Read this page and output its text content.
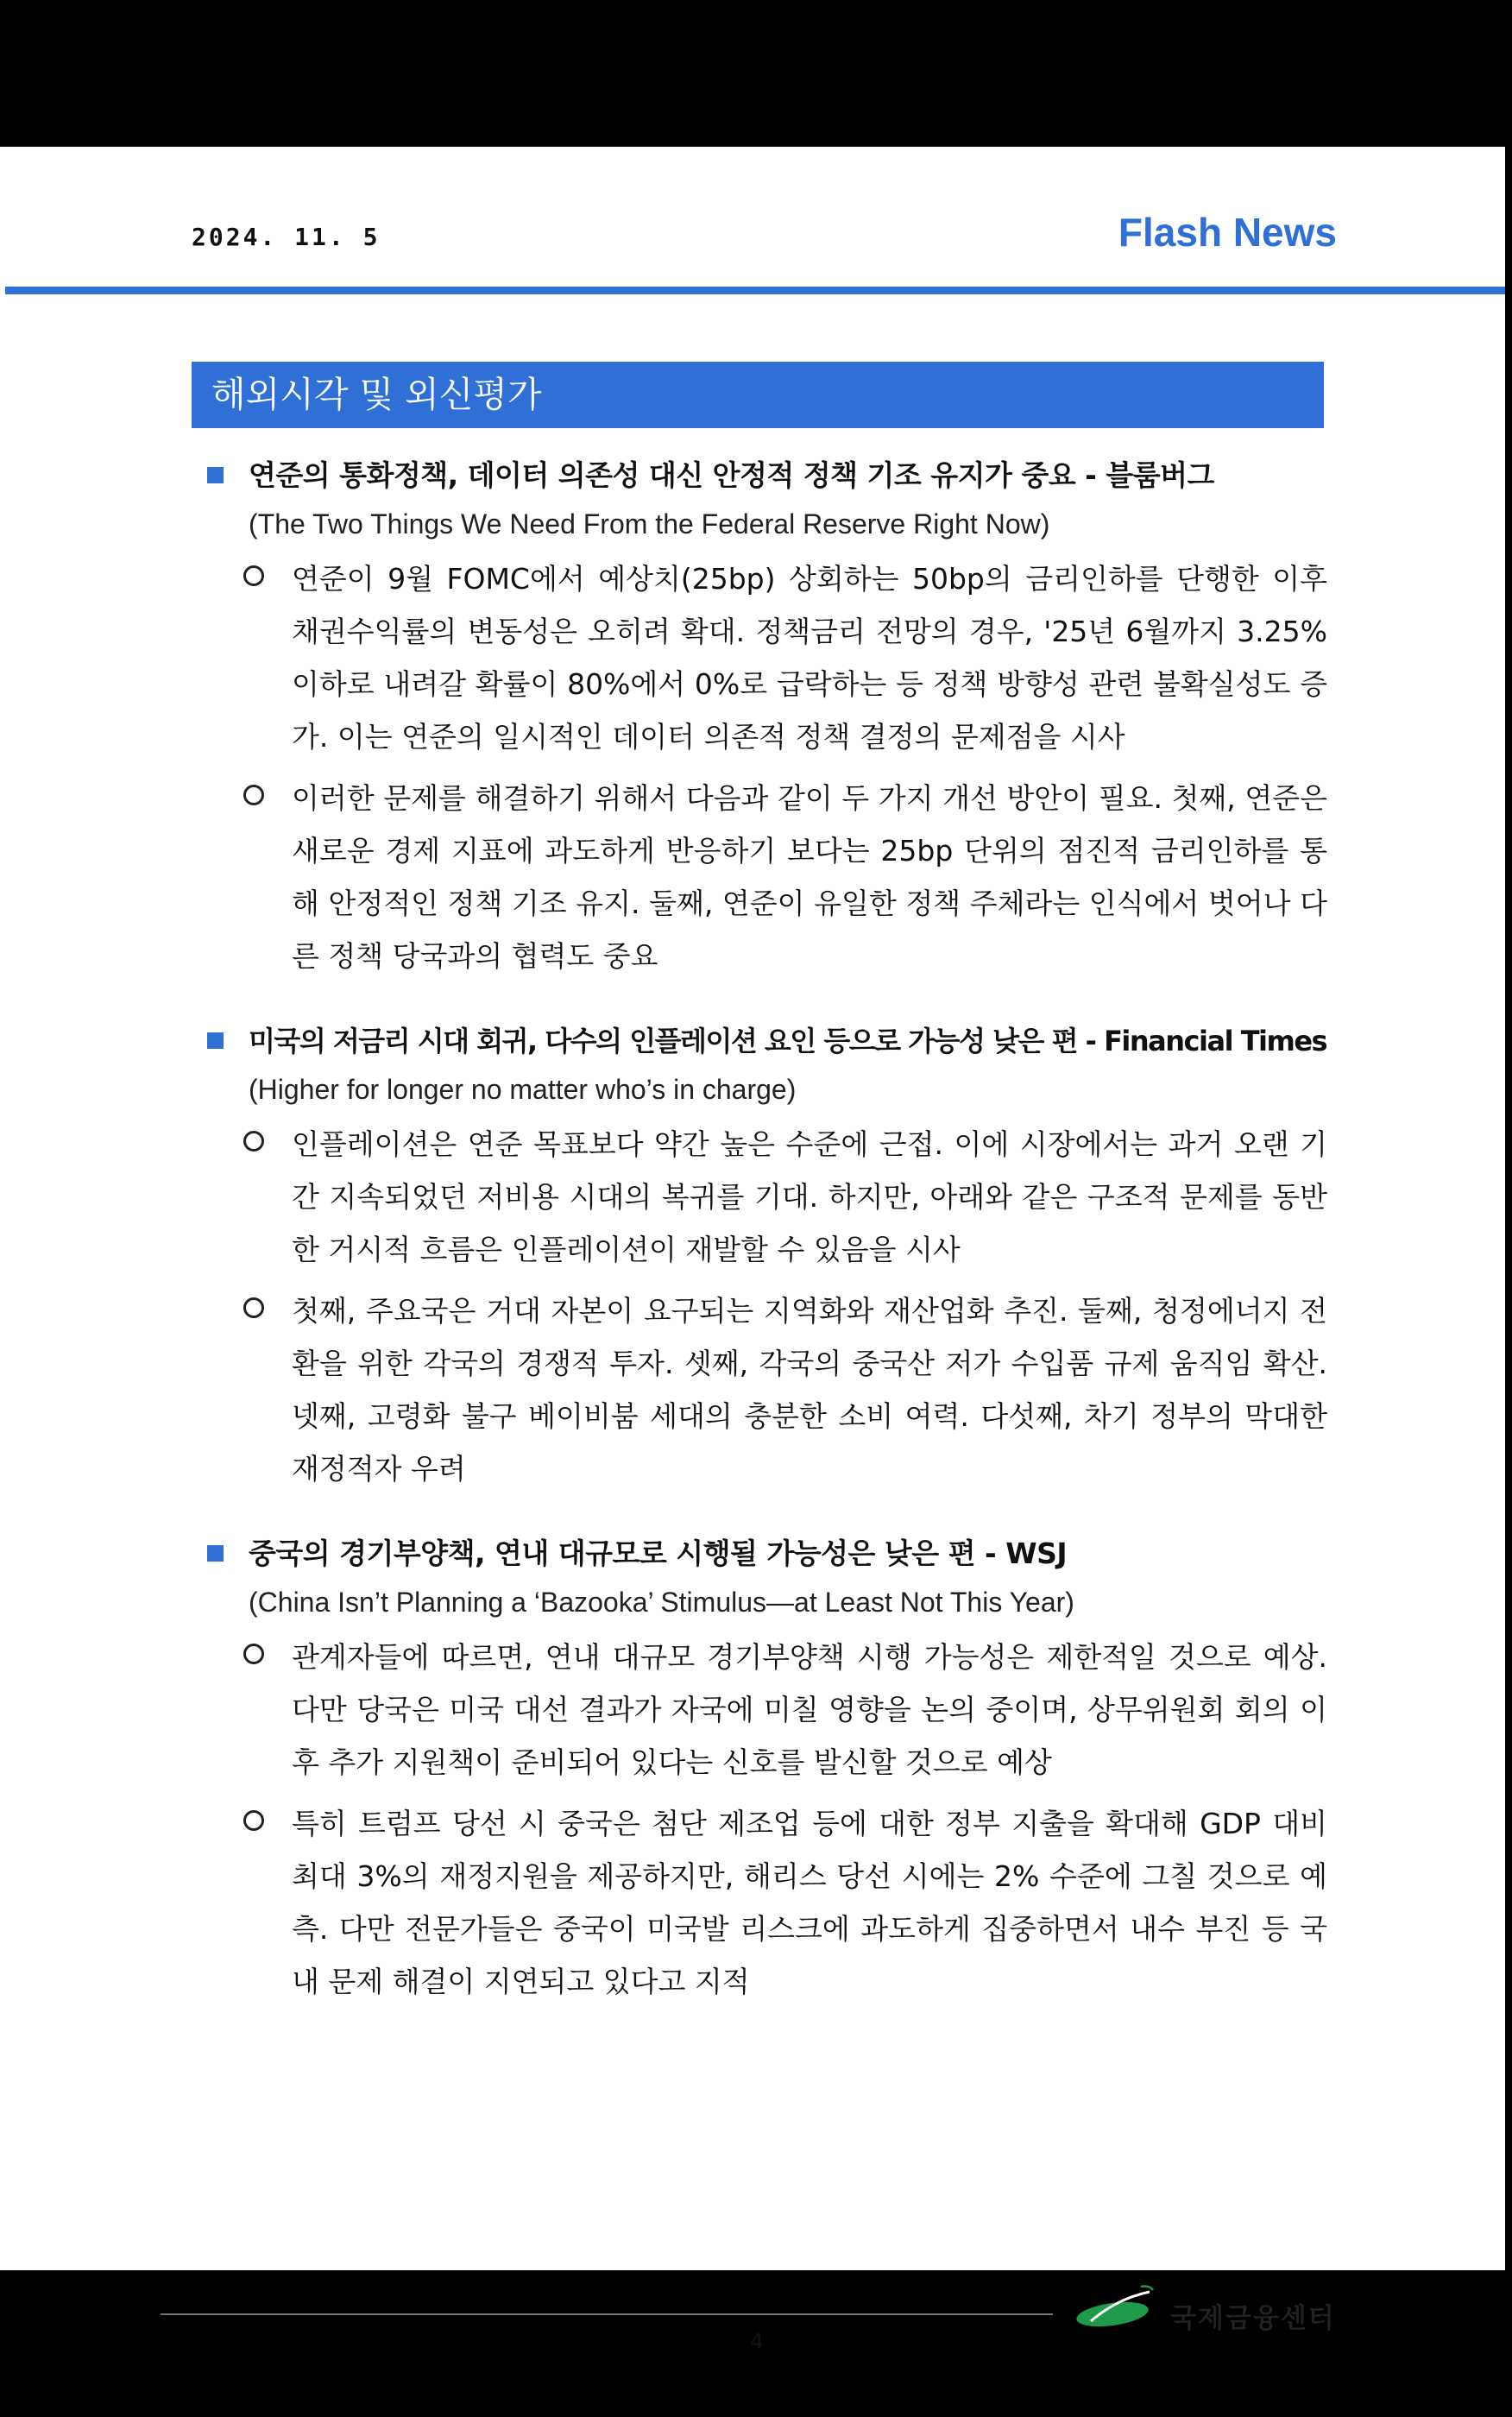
2024. 11. 5	Flash News
해외시각 및 외신평가
연준의 통화정책, 데이터 의존성 대신 안정적 정책 기조 유지가 중요 - 블룸버그
(The Two Things We Need From the Federal Reserve Right Now)
연준이 9월 FOMC에서 예상치(25bp) 상회하는 50bp의 금리인하를 단행한 이후 채권수익률의 변동성은 오히려 확대. 정책금리 전망의 경우, '25년 6월까지 3.25% 이하로 내려갈 확률이 80%에서 0%로 급락하는 등 정책 방향성 관련 불확실성도 증가. 이는 연준의 일시적인 데이터 의존적 정책 결정의 문제점을 시사
이러한 문제를 해결하기 위해서 다음과 같이 두 가지 개선 방안이 필요. 첫째, 연준은 새로운 경제 지표에 과도하게 반응하기 보다는 25bp 단위의 점진적 금리인하를 통해 안정적인 정책 기조 유지. 둘째, 연준이 유일한 정책 주체라는 인식에서 벗어나 다른 정책 당국과의 협력도 중요
미국의 저금리 시대 회귀, 다수의 인플레이션 요인 등으로 가능성 낮은 편 - Financial Times
(Higher for longer no matter who’s in charge)
인플레이션은 연준 목표보다 약간 높은 수준에 근접. 이에 시장에서는 과거 오랜 기간 지속되었던 저비용 시대의 복귀를 기대. 하지만, 아래와 같은 구조적 문제를 동반한 거시적 흐름은 인플레이션이 재발할 수 있음을 시사
첫째, 주요국은 거대 자본이 요구되는 지역화와 재산업화 추진. 둘째, 청정에너지 전환을 위한 각국의 경쟁적 투자. 셋째, 각국의 중국산 저가 수입품 규제 움직임 확산. 넷째, 고령화 불구 베이비붐 세대의 충분한 소비 여력. 다섯째, 차기 정부의 막대한 재정적자 우려
중국의 경기부양책, 연내 대규모로 시행될 가능성은 낮은 편 - WSJ
(China Isn’t Planning a ‘Bazooka’ Stimulus—at Least Not This Year)
관계자들에 따르면, 연내 대규모 경기부양책 시행 가능성은 제한적일 것으로 예상. 다만 당국은 미국 대선 결과가 자국에 미칠 영향을 논의 중이며, 상무위원회 회의 이후 추가 지원책이 준비되어 있다는 신호를 발신할 것으로 예상
특히 트럼프 당선 시 중국은 첨단 제조업 등에 대한 정부 지출을 확대해 GDP 대비 최대 3%의 재정지원을 제공하지만, 해리스 당선 시에는 2% 수준에 그칠 것으로 예측. 다만 전문가들은 중국이 미국발 리스크에 과도하게 집중하면서 내수 부진 등 국내 문제 해결이 지연되고 있다고 지적
국제금융센터
4
